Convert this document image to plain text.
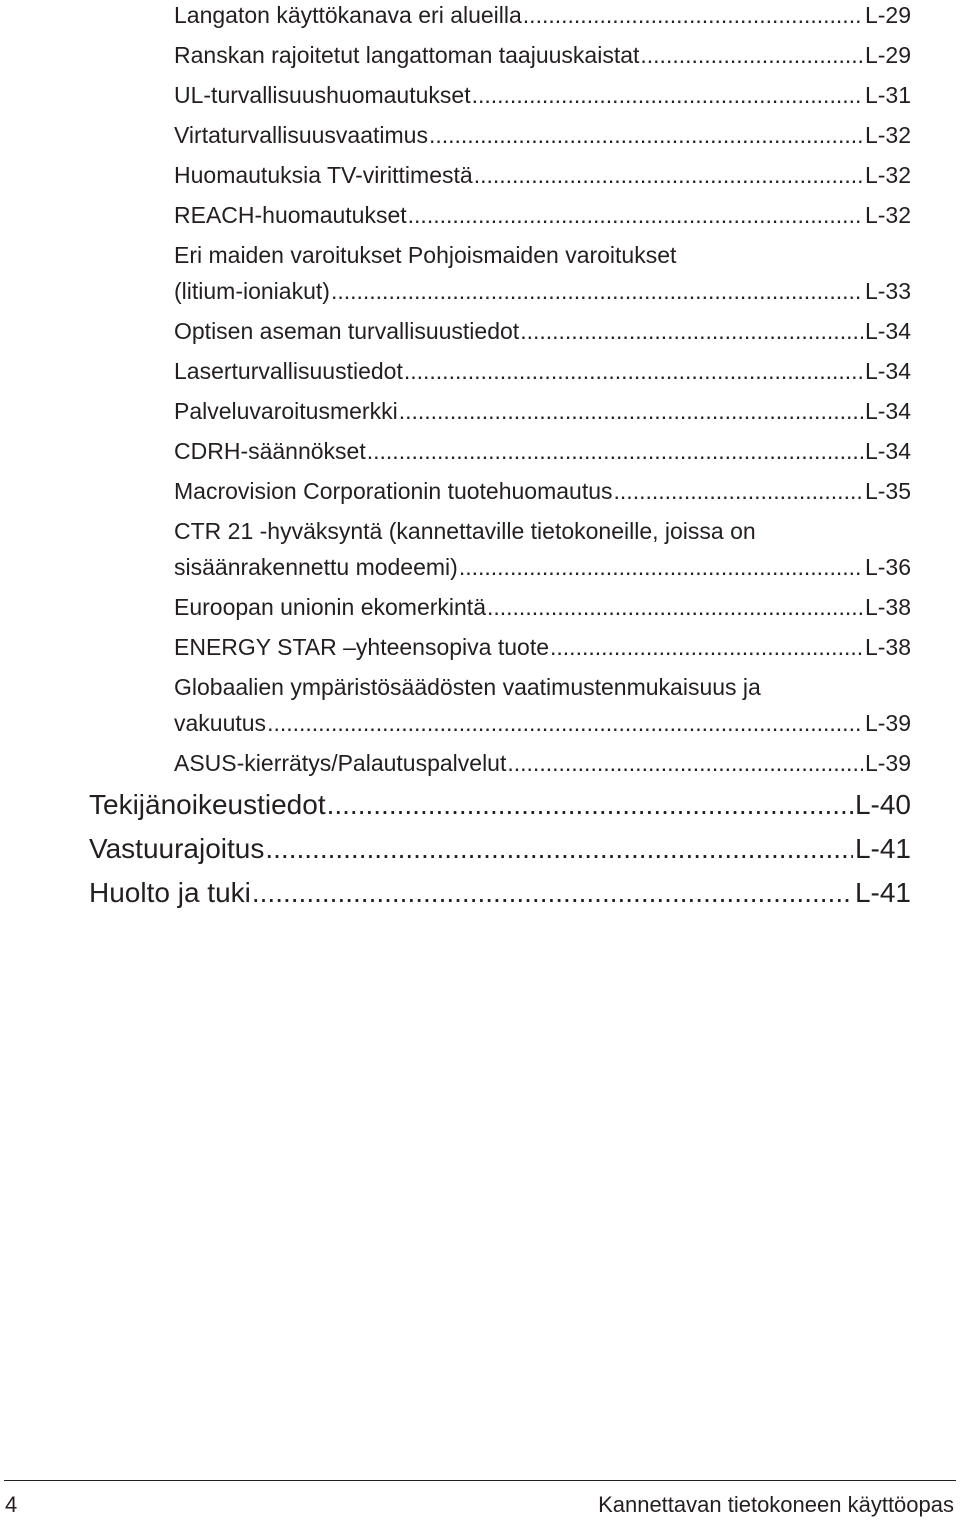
Langaton käyttökanava eri alueilla .....	L-29
Ranskan rajoitetut langattoman taajuuskaistat .....	L-29
UL-turvallisuushuomautukset .....	L-31
Virtaturvallisuusvaatimus .....	L-32
Huomautuksia TV-virittimestä .....	L-32
REACH-huomautukset .....	L-32
Eri maiden varoitukset Pohjoismaiden varoitukset
(litium-ioniakut) .....	L-33
Optisen aseman turvallisuustiedot .....	L-34
Laserturvallisuustiedot .....	L-34
Palveluvaroitusmerkki .....	L-34
CDRH-säännökset .....	L-34
Macrovision Corporationin tuotehuomautus .....	L-35
CTR 21 -hyväksyntä (kannettaville tietokoneille, joissa on
sisäänrakennettu modeemi) .....	L-36
Euroopan unionin ekomerkintä .....	L-38
ENERGY STAR –yhteensopiva tuote .....	L-38
Globaalien ympäristösäädösten vaatimustenmukaisuus ja
vakuutus .....	L-39
ASUS-kierrätys/Palautuspalvelut .....	L-39
Tekijänoikeustiedot .....	L-40
Vastuurajoitus .....	L-41
Huolto ja tuki .....	L-41
4	Kannettavan tietokoneen käyttöopas
